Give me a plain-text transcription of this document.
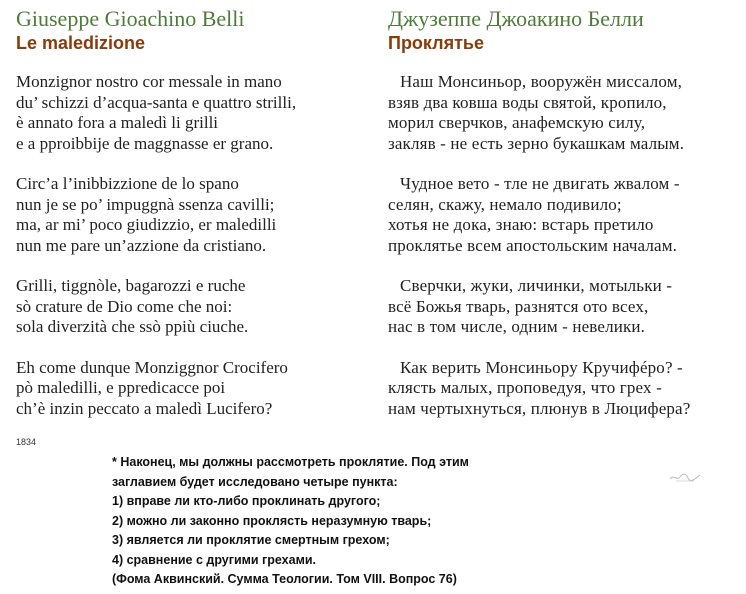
Giuseppe Gioachino Belli
Le maledizione
Monzignor nostro cor messale in mano
du’ schizzi d’acqua-santa e quattro strilli,
è annato fora a maledì li grilli
e a pproibbije de maggnasse er grano.
Circ’a l’inibbizzione de lo spano
nun je se po’ impuggnà ssenza cavilli;
ma, ar mi’ poco giudizzio, er maledilli
nun me pare un’azzione da cristiano.
Grilli, tiggnòle, bagarozzi e ruche
sò crature de Dio come che noi:
sola diverzità che ssò ppiù ciuche.
Eh come dunque Monziggnor Crocifero
pò maledilli, e ppredicacce poi
ch’è inzin peccato a maledì Lucifero?
Джузеппе Джоакино Белли
Проклятье
Наш Монсиньор, вооружён миссалом,
взяв два ковша воды святой, кропило,
морил сверчков, анафемскую силу,
закляв - не есть зерно букашкам малым.
Чудное вето - тле не двигать жвалом -
селян, скажу, немало подивило;
хотья не дока, знаю: встарь претило
проклятье всем апостольским началам.
Сверчки, жуки, личинки, мотыльки -
всё Божья тварь, разнятся ото всех,
нас в том числе, одним - невелики.
Как верить Монсиньору Кручифéро? -
клясть малых, проповедуя, что грех -
нам чертыхнуться, плюнув в Люцифера?
1834
* Наконец, мы должны рассмотреть проклятие. Под этим
заглавием будет исследовано четыре пункта:
1) вправе ли кто-либо проклинать другого;
2) можно ли законно проклясть неразумную тварь;
3) является ли проклятие смертным грехом;
4) сравнение с другими грехами.
(Фома Аквинский. Сумма Теологии. Том VIII. Вопрос 76)
